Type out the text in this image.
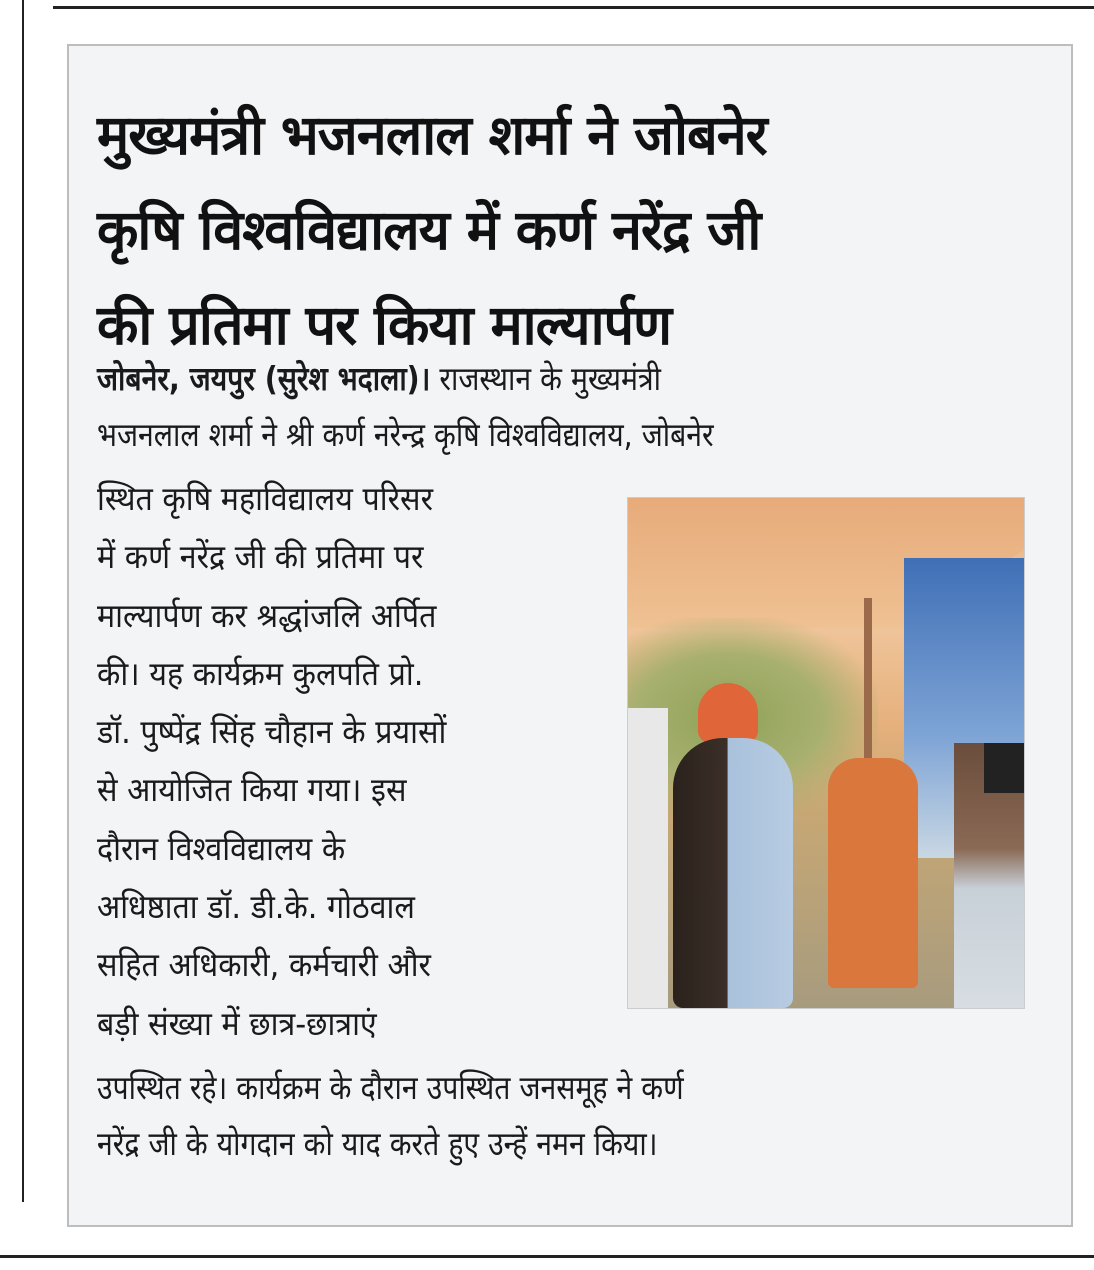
मुख्यमंत्री भजनलाल शर्मा ने जोबनेर
कृषि विश्वविद्यालय में कर्ण नरेंद्र जी
की प्रतिमा पर किया माल्यार्पण
जोबनेर, जयपुर (सुरेश भदाला)। राजस्थान के मुख्यमंत्री
भजनलाल शर्मा ने श्री कर्ण नरेन्द्र कृषि विश्वविद्यालय, जोबनेर
स्थित कृषि महाविद्यालय परिसर
में कर्ण नरेंद्र जी की प्रतिमा पर
माल्यार्पण कर श्रद्धांजलि अर्पित
की। यह कार्यक्रम कुलपति प्रो.
डॉ. पुष्पेंद्र सिंह चौहान के प्रयासों
से आयोजित किया गया। इस
दौरान विश्वविद्यालय के
अधिष्ठाता डॉ. डी.के. गोठवाल
सहित अधिकारी, कर्मचारी और
बड़ी संख्या में छात्र-छात्राएं
उपस्थित रहे। कार्यक्रम के दौरान उपस्थित जनसमूह ने कर्ण
नरेंद्र जी के योगदान को याद करते हुए उन्हें नमन किया।
